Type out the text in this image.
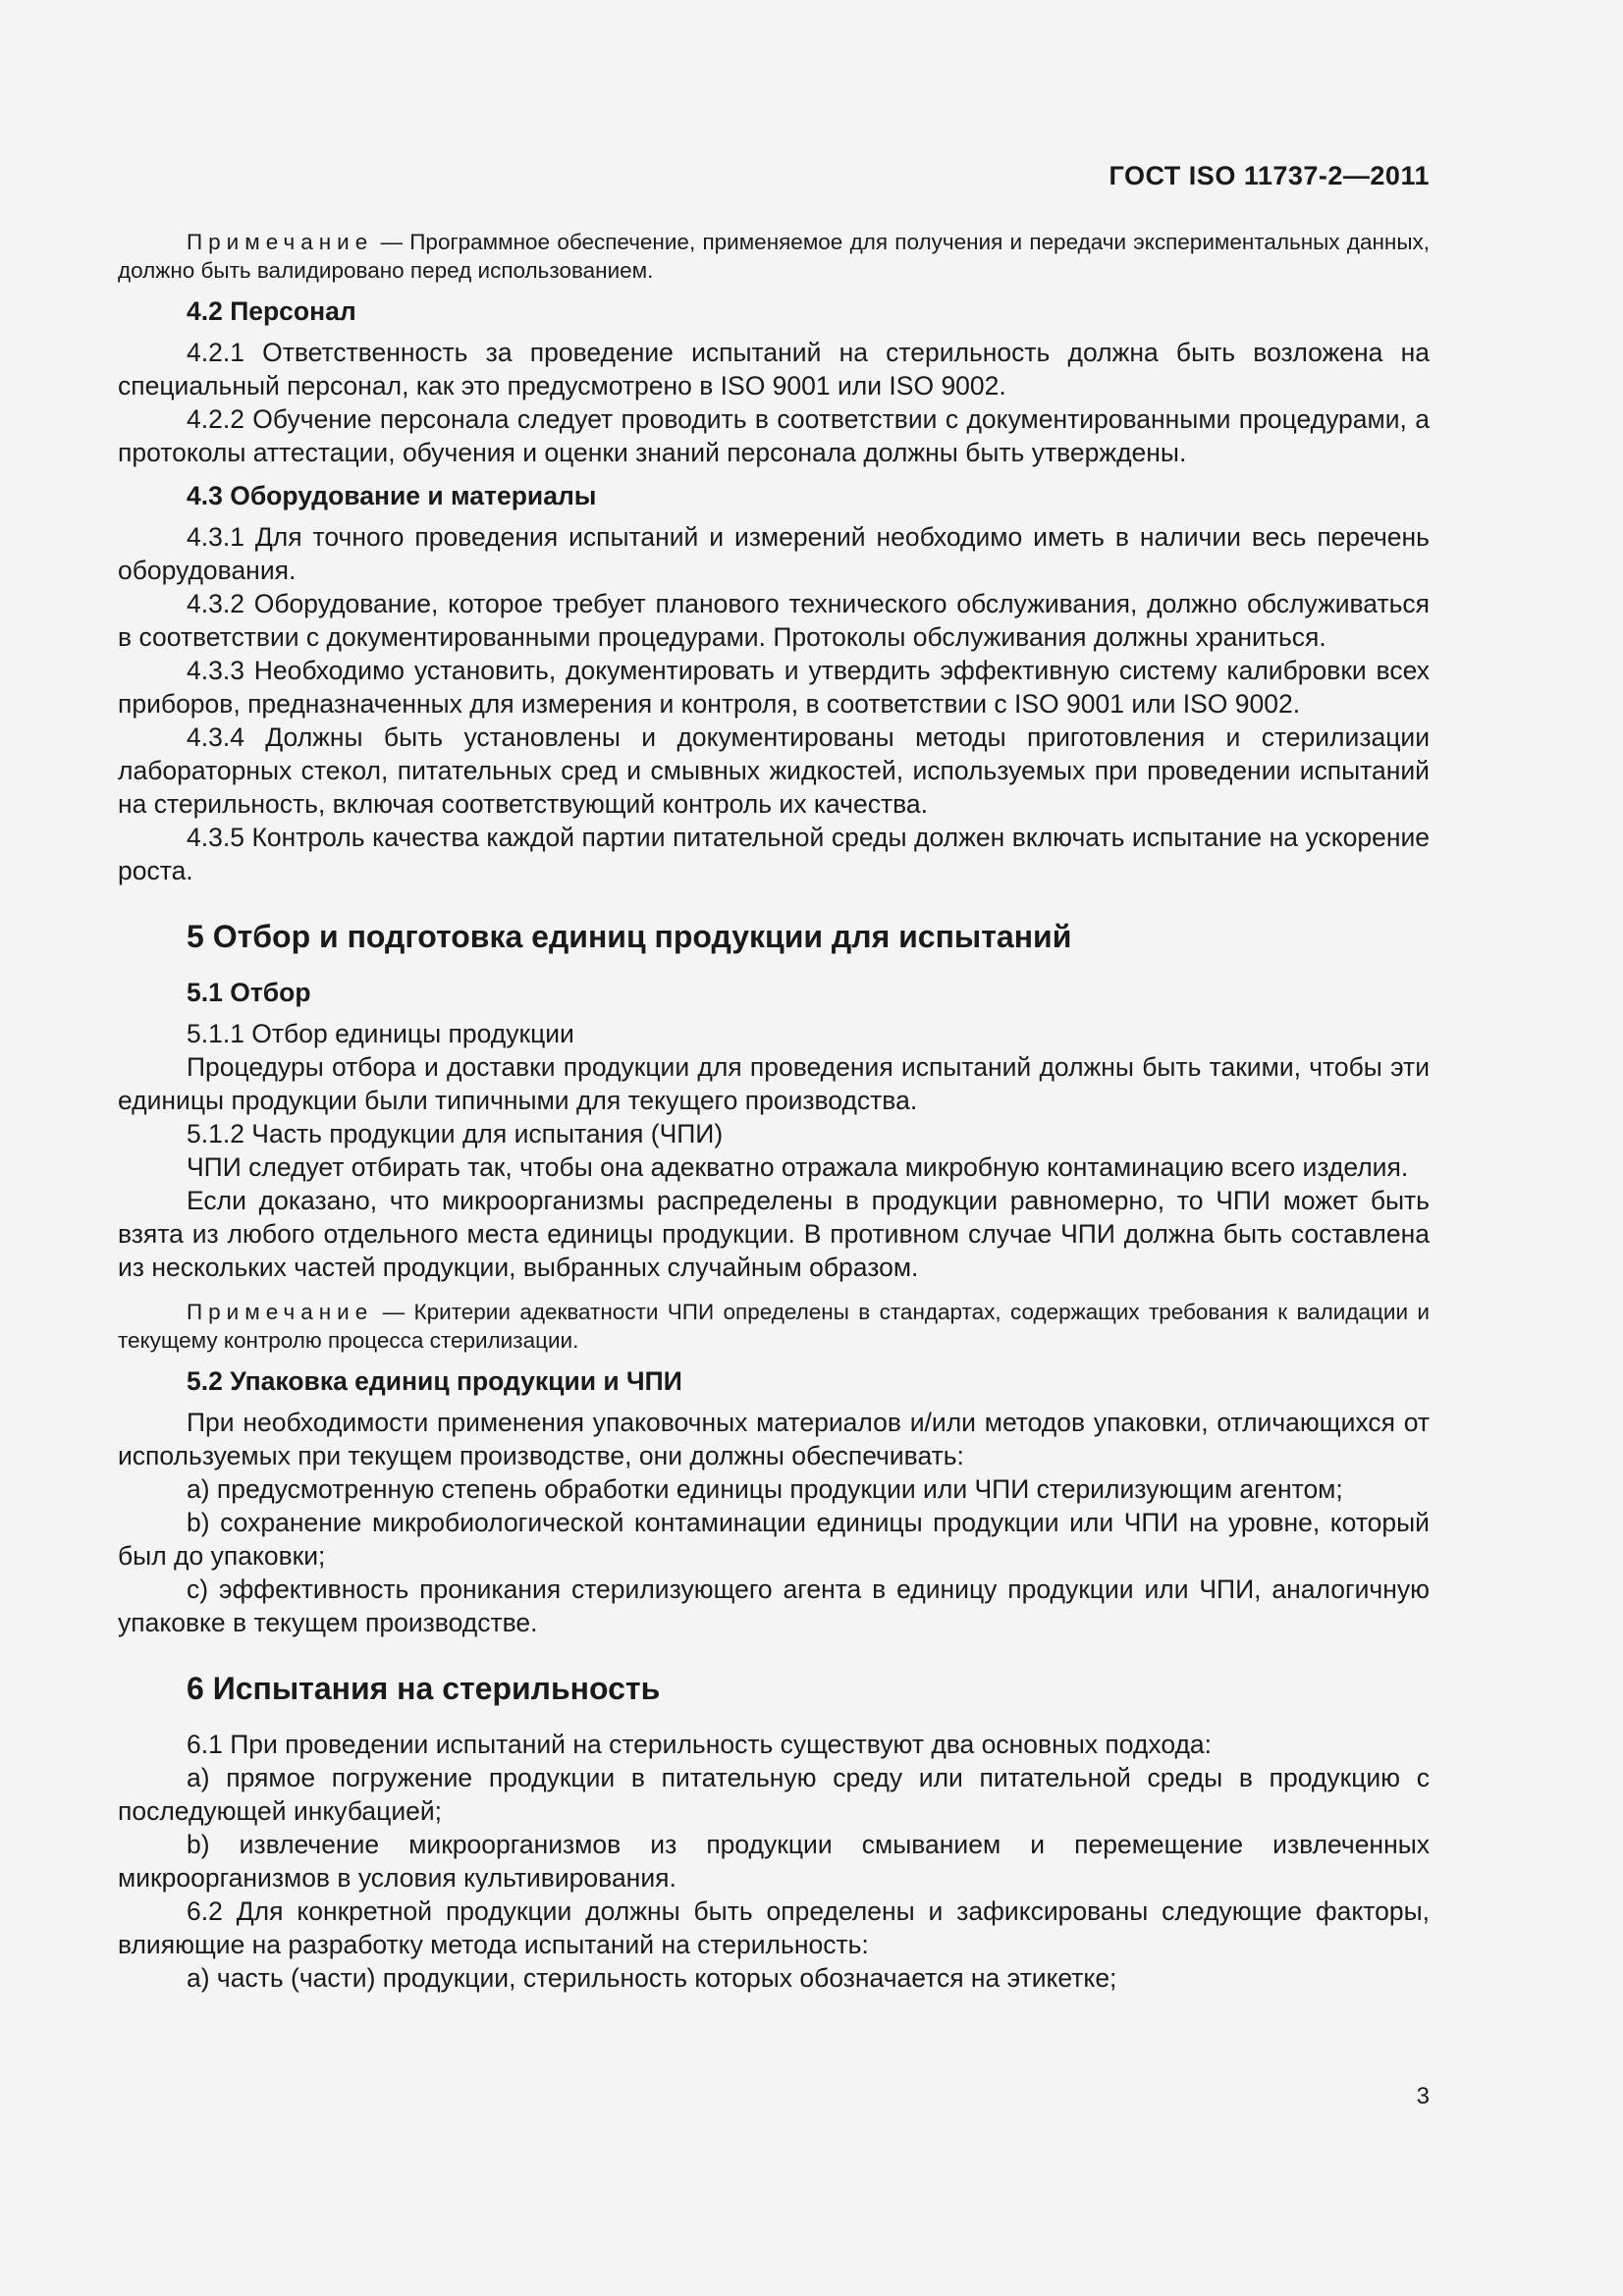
ГОСТ ISO 11737-2—2011

Примечание — Программное обеспечение, применяемое для получения и передачи экспериментальных данных, должно быть валидировано перед использованием.

4.2 Персонал

4.2.1 Ответственность за проведение испытаний на стерильность должна быть возложена на специальный персонал, как это предусмотрено в ISO 9001 или ISO 9002.

4.2.2 Обучение персонала следует проводить в соответствии с документированными процедурами, а протоколы аттестации, обучения и оценки знаний персонала должны быть утверждены.

4.3 Оборудование и материалы

4.3.1 Для точного проведения испытаний и измерений необходимо иметь в наличии весь перечень оборудования.

4.3.2 Оборудование, которое требует планового технического обслуживания, должно обслуживаться в соответствии с документированными процедурами. Протоколы обслуживания должны храниться.

4.3.3 Необходимо установить, документировать и утвердить эффективную систему калибровки всех приборов, предназначенных для измерения и контроля, в соответствии с ISO 9001 или ISO 9002.

4.3.4 Должны быть установлены и документированы методы приготовления и стерилизации лабораторных стекол, питательных сред и смывных жидкостей, используемых при проведении испытаний на стерильность, включая соответствующий контроль их качества.

4.3.5 Контроль качества каждой партии питательной среды должен включать испытание на ускорение роста.

5 Отбор и подготовка единиц продукции для испытаний
5.1 Отбор

5.1.1 Отбор единицы продукции

Процедуры отбора и доставки продукции для проведения испытаний должны быть такими, чтобы эти единицы продукции были типичными для текущего производства.

5.1.2 Часть продукции для испытания (ЧПИ)

ЧПИ следует отбирать так, чтобы она адекватно отражала микробную контаминацию всего изделия.

Если доказано, что микроорганизмы распределены в продукции равномерно, то ЧПИ может быть взята из любого отдельного места единицы продукции. В противном случае ЧПИ должна быть составлена из нескольких частей продукции, выбранных случайным образом.

Примечание — Критерии адекватности ЧПИ определены в стандартах, содержащих требования к валидации и текущему контролю процесса стерилизации.

5.2 Упаковка единиц продукции и ЧПИ

При необходимости применения упаковочных материалов и/или методов упаковки, отличающихся от используемых при текущем производстве, они должны обеспечивать:

a) предусмотренную степень обработки единицы продукции или ЧПИ стерилизующим агентом;

b) сохранение микробиологической контаминации единицы продукции или ЧПИ на уровне, который был до упаковки;

c) эффективность проникания стерилизующего агента в единицу продукции или ЧПИ, аналогичную упаковке в текущем производстве.

6 Испытания на стерильность

6.1 При проведении испытаний на стерильность существуют два основных подхода:

a) прямое погружение продукции в питательную среду или питательной среды в продукцию с последующей инкубацией;

b) извлечение микроорганизмов из продукции смыванием и перемещение извлеченных микроорганизмов в условия культивирования.

6.2 Для конкретной продукции должны быть определены и зафиксированы следующие факторы, влияющие на разработку метода испытаний на стерильность:

a) часть (части) продукции, стерильность которых обозначается на этикетке;

3
